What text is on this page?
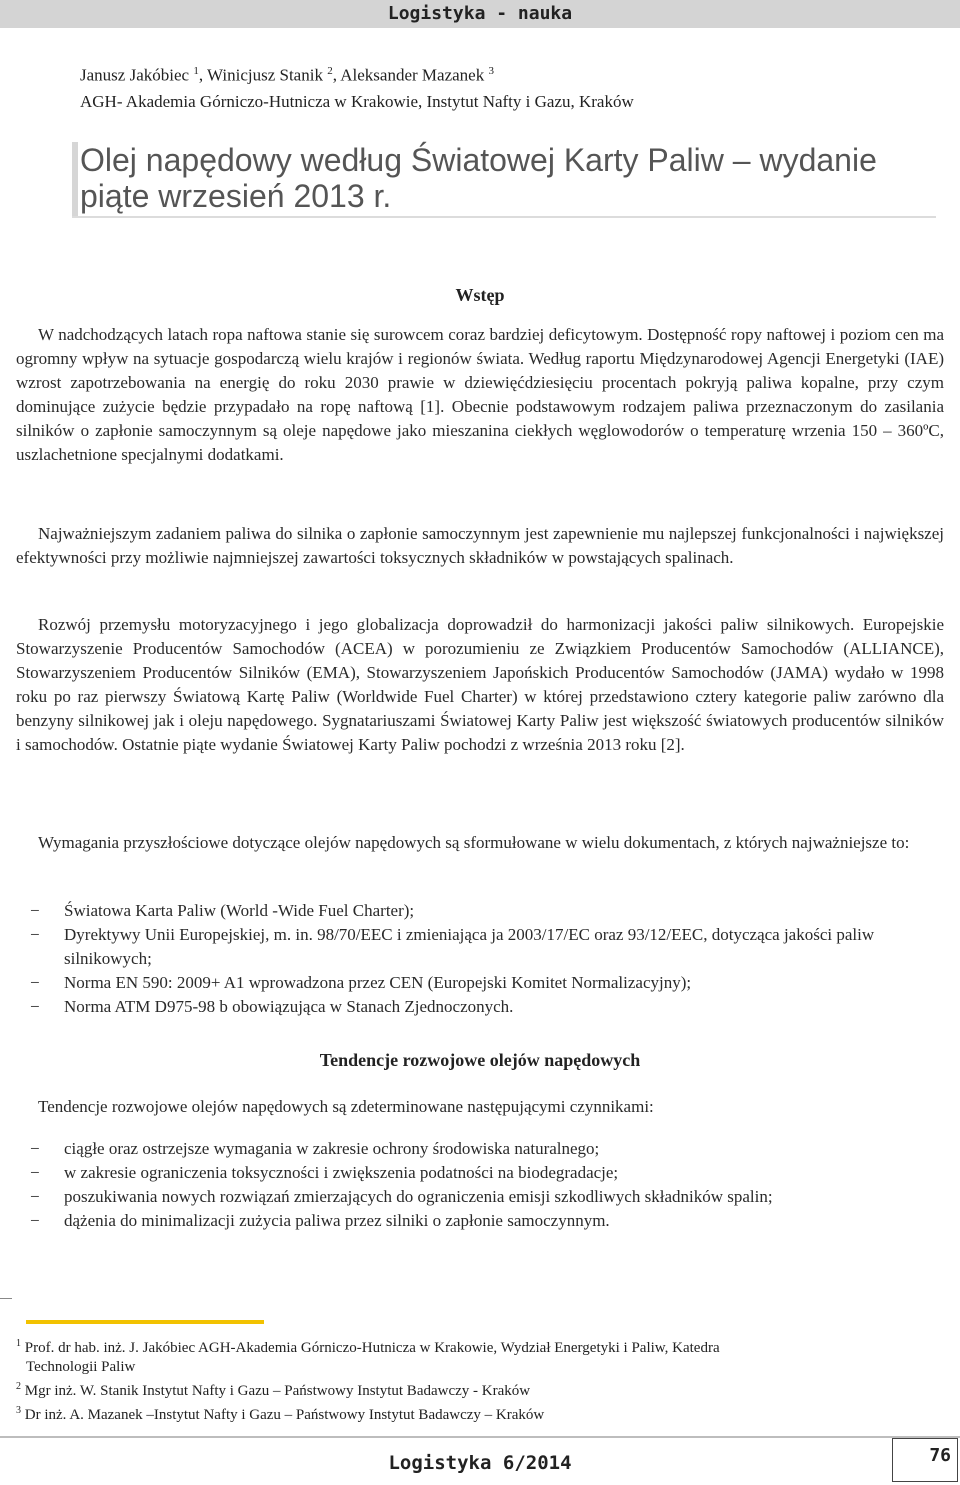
Logistyka - nauka
Janusz Jakóbiec $^1$, Winicjusz Stanik $^2$, Aleksander Mazanek $^3$
AGH- Akademia Górniczo-Hutnicza w Krakowie, Instytut Nafty i Gazu, Kraków
Olej napędowy według Światowej Karty Paliw – wydanie
piąte wrzesień 2013 r.
Wstęp
W nadchodzących latach ropa naftowa stanie się surowcem coraz bardziej deficytowym. Dostępność ropy naftowej i poziom cen ma ogromny wpływ na sytuacje gospodarczą wielu krajów i regionów świata. Według raportu Międzynarodowej Agencji Energetyki (IAE) wzrost zapotrzebowania na energię do roku 2030 prawie w dziewięćdziesięciu procentach pokryją paliwa kopalne, przy czym dominujące zużycie będzie przypadało na ropę naftową [1]. Obecnie podstawowym rodzajem paliwa przeznaczonym do zasilania silników o zapłonie samoczynnym są oleje napędowe jako mieszanina ciekłych węglowodorów o temperaturę wrzenia 150 – 360ºC, uszlachetnione specjalnymi dodatkami.
Najważniejszym zadaniem paliwa do silnika o zapłonie samoczynnym jest zapewnienie mu najlepszej funkcjonalności i największej efektywności przy możliwie najmniejszej zawartości toksycznych składników w powstających spalinach.
Rozwój przemysłu motoryzacyjnego i jego globalizacja doprowadził do harmonizacji jakości paliw silnikowych. Europejskie Stowarzyszenie Producentów Samochodów (ACEA) w porozumieniu ze Związkiem Producentów Samochodów (ALLIANCE), Stowarzyszeniem Producentów Silników (EMA), Stowarzyszeniem Japońskich Producentów Samochodów (JAMA) wydało w 1998 roku po raz pierwszy Światową Kartę Paliw (Worldwide Fuel Charter) w której przedstawiono cztery kategorie paliw zarówno dla benzyny silnikowej jak i oleju napędowego. Sygnatariuszami Światowej Karty Paliw jest większość światowych producentów silników i samochodów. Ostatnie piąte wydanie Światowej Karty Paliw pochodzi z września 2013 roku [2].
Wymagania przyszłościowe dotyczące olejów napędowych są sformułowane w wielu dokumentach, z których najważniejsze to:
− Światowa Karta Paliw (World -Wide Fuel Charter);
− Dyrektywy Unii Europejskiej, m. in. 98/70/EEC i zmieniająca ja 2003/17/EC oraz 93/12/EEC, dotycząca jakości paliw silnikowych;
− Norma EN 590: 2009+ A1 wprowadzona przez CEN (Europejski Komitet Normalizacyjny);
− Norma ATM D975-98 b obowiązująca w Stanach Zjednoczonych.
Tendencje rozwojowe olejów napędowych
Tendencje rozwojowe olejów napędowych są zdeterminowane następującymi czynnikami:
− ciągłe oraz ostrzejsze wymagania w zakresie ochrony środowiska naturalnego;
− w zakresie ograniczenia toksyczności i zwiększenia podatności na biodegradacje;
− poszukiwania nowych rozwiązań zmierzających do ograniczenia emisji szkodliwych składników spalin;
− dążenia do minimalizacji zużycia paliwa przez silniki o zapłonie samoczynnym.
$^1$ Prof. dr hab. inż. J. Jakóbiec AGH-Akademia Górniczo-Hutnicza w Krakowie, Wydział Energetyki i Paliw, Katedra
Technologii Paliw
$^2$ Mgr inż. W. Stanik Instytut Nafty i Gazu – Państwowy Instytut Badawczy - Kraków
$^3$ Dr inż. A. Mazanek –Instytut Nafty i Gazu – Państwowy Instytut Badawczy – Kraków
Logistyka 6/2014	76
